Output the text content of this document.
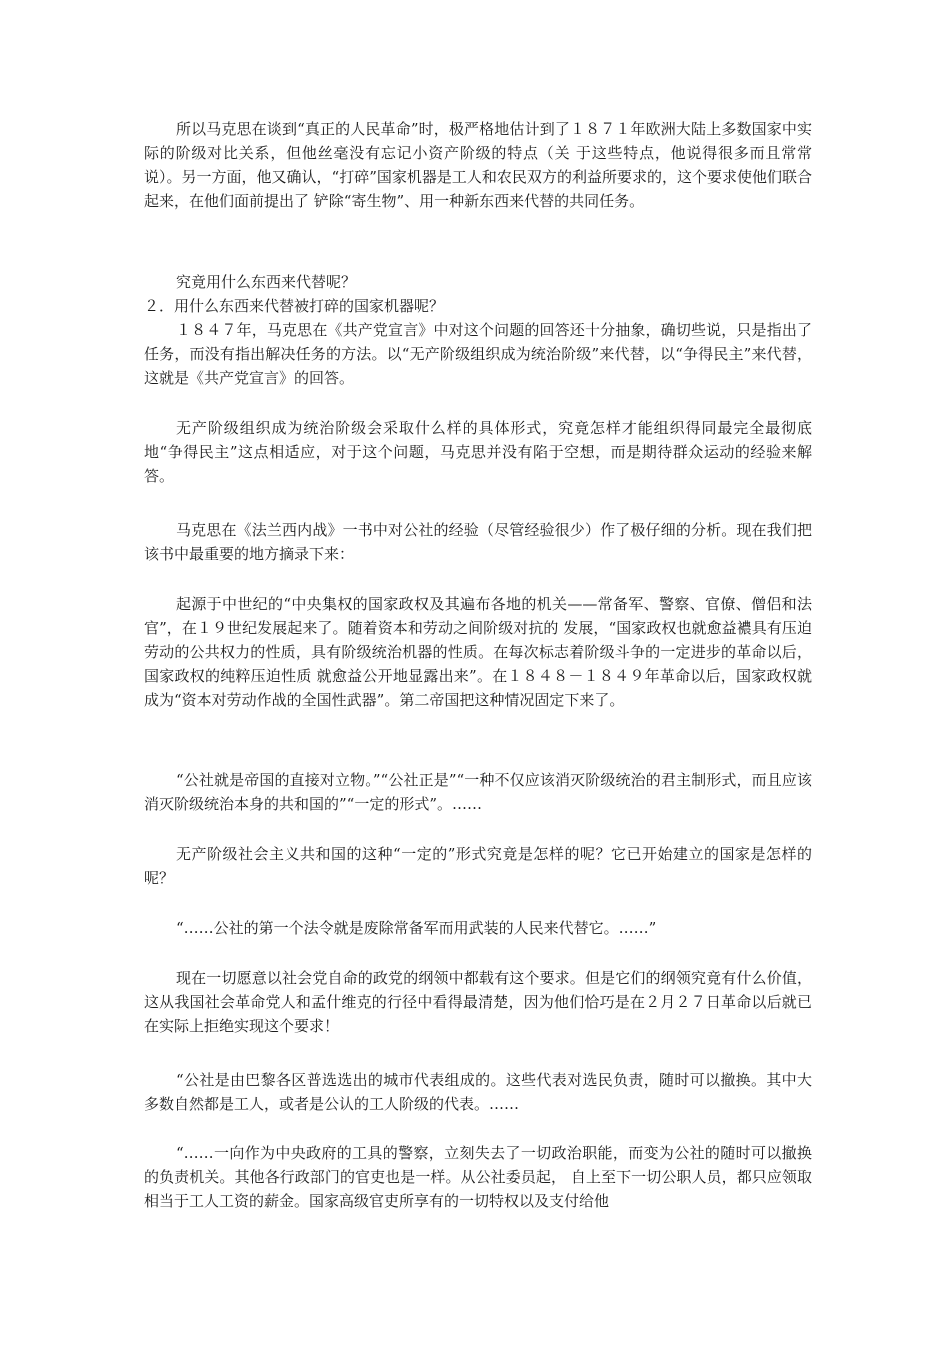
所以马克思在谈到“真正的人民革命”时，极严格地估计到了１８７１年欧洲大陆上多数国家中实际的阶级对比关系，但他丝毫没有忘记小资产阶级的特点（关 于这些特点，他说得很多而且常常说）。另一方面，他又确认，“打碎”国家机器是工人和农民双方的利益所要求的，这个要求使他们联合起来，在他们面前提出了 铲除“寄生物”、用一种新东西来代替的共同任务。

究竟用什么东西来代替呢？

２．用什么东西来代替被打碎的国家机器呢？

１８４７年，马克思在《共产党宣言》中对这个问题的回答还十分抽象，确切些说，只是指出了任务，而没有指出解决任务的方法。以“无产阶级组织成为统治阶级”来代替，以“争得民主”来代替，这就是《共产党宣言》的回答。

无产阶级组织成为统治阶级会采取什么样的具体形式，究竟怎样才能组织得同最完全最彻底地“争得民主”这点相适应，对于这个问题，马克思并没有陷于空想，而是期待群众运动的经验来解答。

马克思在《法兰西内战》一书中对公社的经验（尽管经验很少）作了极仔细的分析。现在我们把该书中最重要的地方摘录下来：

起源于中世纪的“中央集权的国家政权及其遍布各地的机关——常备军、警察、官僚、僧侣和法官”，在１９世纪发展起来了。随着资本和劳动之间阶级对抗的 发展，“国家政权也就愈益襛具有压迫劳动的公共权力的性质，具有阶级统治机器的性质。在每次标志着阶级斗争的一定进步的革命以后，国家政权的纯粹压迫性质 就愈益公开地显露出来”。在１８４８－１８４９年革命以后，国家政权就成为“资本对劳动作战的全国性武器”。第二帝国把这种情况固定下来了。

“公社就是帝国的直接对立物。”“公社正是”“一种不仅应该消灭阶级统治的君主制形式，而且应该消灭阶级统治本身的共和国的”“一定的形式”。……

无产阶级社会主义共和国的这种“一定的”形式究竟是怎样的呢？它已开始建立的国家是怎样的呢？

“……公社的第一个法令就是废除常备军而用武装的人民来代替它。……”

现在一切愿意以社会党自命的政党的纲领中都载有这个要求。但是它们的纲领究竟有什么价值，这从我国社会革命党人和孟什维克的行径中看得最清楚，因为他们恰巧是在２月２７日革命以后就已在实际上拒绝实现这个要求！

“公社是由巴黎各区普选选出的城市代表组成的。这些代表对选民负责，随时可以撤换。其中大多数自然都是工人，或者是公认的工人阶级的代表。……

“……一向作为中央政府的工具的警察，立刻失去了一切政治职能，而变为公社的随时可以撤换的负责机关。其他各行政部门的官吏也是一样。从公社委员起， 自上至下一切公职人员，都只应领取相当于工人工资的薪金。国家高级官吏所享有的一切特权以及支付给他
